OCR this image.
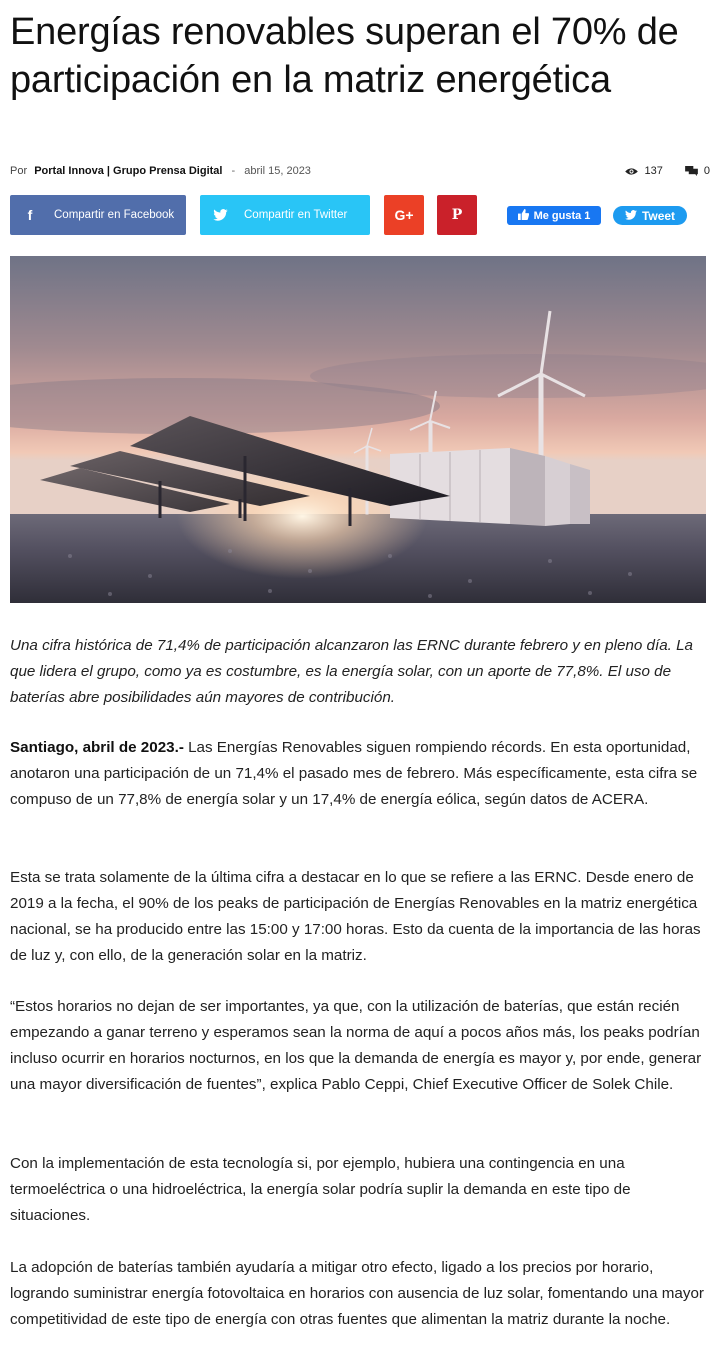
Energías renovables superan el 70% de participación en la matriz energética
Por Portal Innova | Grupo Prensa Digital - abril 15, 2023	137	0
f	Compartir en Facebook	Compartir en Twitter	G+	P	Me gusta 1	Tweet

Una cifra histórica de 71,4% de participación alcanzaron las ERNC durante febrero y en pleno día. La que lidera el grupo, como ya es costumbre, es la energía solar, con un aporte de 77,8%. El uso de baterías abre posibilidades aún mayores de contribución.

Santiago, abril de 2023.- Las Energías Renovables siguen rompiendo récords. En esta oportunidad, anotaron una participación de un 71,4% el pasado mes de febrero. Más específicamente, esta cifra se compuso de un 77,8% de energía solar y un 17,4% de energía eólica, según datos de ACERA.

Esta se trata solamente de la última cifra a destacar en lo que se refiere a las ERNC. Desde enero de 2019 a la fecha, el 90% de los peaks de participación de Energías Renovables en la matriz energética nacional, se ha producido entre las 15:00 y 17:00 horas. Esto da cuenta de la importancia de las horas de luz y, con ello, de la generación solar en la matriz.

“Estos horarios no dejan de ser importantes, ya que, con la utilización de baterías, que están recién empezando a ganar terreno y esperamos sean la norma de aquí a pocos años más, los peaks podrían incluso ocurrir en horarios nocturnos, en los que la demanda de energía es mayor y, por ende, generar una mayor diversificación de fuentes”, explica Pablo Ceppi, Chief Executive Officer de Solek Chile.

Con la implementación de esta tecnología si, por ejemplo, hubiera una contingencia en una termoeléctrica o una hidroeléctrica, la energía solar podría suplir la demanda en este tipo de situaciones.

La adopción de baterías también ayudaría a mitigar otro efecto, ligado a los precios por horario, logrando suministrar energía fotovoltaica en horarios con ausencia de luz solar, fomentando una mayor competitividad de este tipo de energía con otras fuentes que alimentan la matriz durante la noche.
